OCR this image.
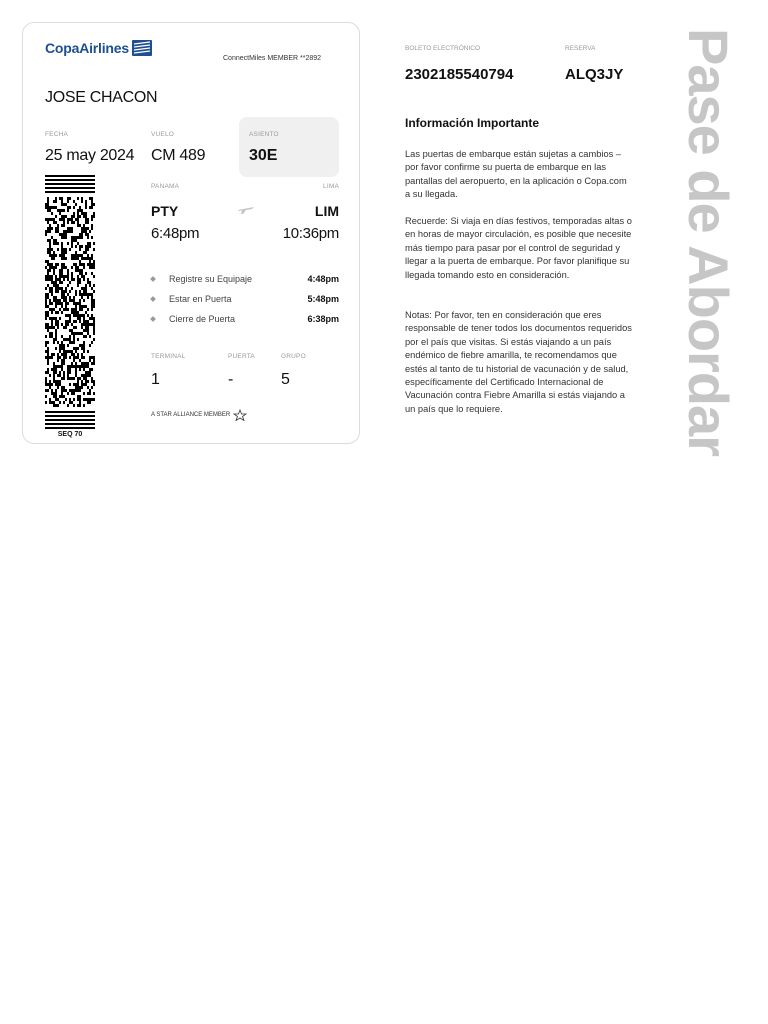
CopaAirlines
ConnectMiles MEMBER **2892
JOSE CHACON
FECHA
25 may 2024
VUELO
CM 489
ASIENTO
30E
SEQ 70
PANAMA	LIMA
PTY	LIM
6:48pm	10:36pm
Registre su Equipaje	4:48pm
Estar en Puerta	5:48pm
Cierre de Puerta	6:38pm
TERMINAL	PUERTA	GRUPO
1	-	5
A STAR ALLIANCE MEMBER
BOLETO ELECTRÓNICO
2302185540794
RESERVA
ALQ3JY
Información Importante
Las puertas de embarque están sujetas a cambios – por favor confirme su puerta de embarque en las pantallas del aeropuerto, en la aplicación o Copa.com a su llegada.
Recuerde: Si viaja en días festivos, temporadas altas o en horas de mayor circulación, es posible que necesite más tiempo para pasar por el control de seguridad y llegar a la puerta de embarque. Por favor planifique su llegada tomando esto en consideración.
Notas: Por favor, ten en consideración que eres responsable de tener todos los documentos requeridos por el país que visitas. Si estás viajando a un país endémico de fiebre amarilla, te recomendamos que estés al tanto de tu historial de vacunación y de salud, específicamente del Certificado Internacional de Vacunación contra Fiebre Amarilla si estás viajando a un país que lo requiere.	Pase de Abordar
